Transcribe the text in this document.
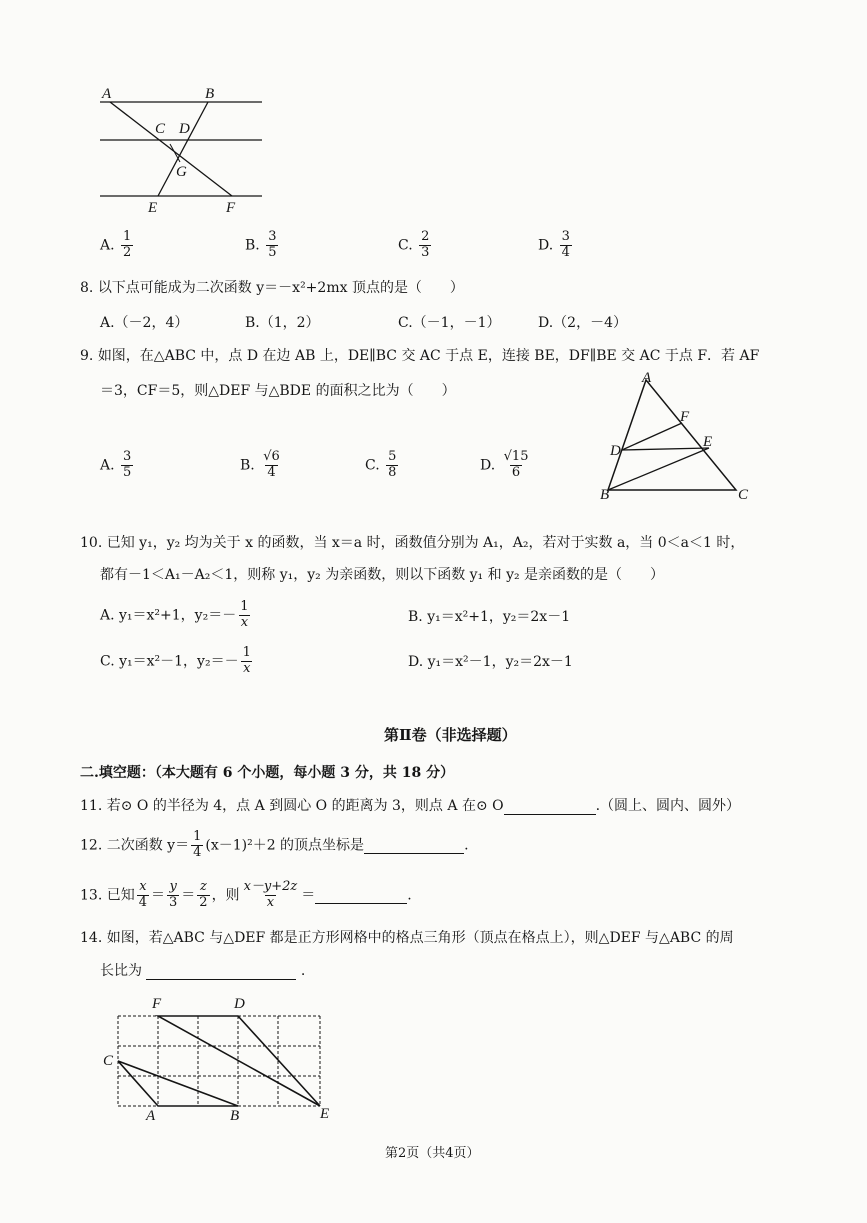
A	B
C D
G
E	F
A. $\frac{1}{2}$	B. $\frac{3}{5}$	C. $\frac{2}{3}$	D. $\frac{3}{4}$
8. 以下点可能成为二次函数 y＝－x²+2mx 顶点的是（　　）
A.（－2，4）	B.（1，2）	C.（－1，－1）	D.（2，－4）
9. 如图，在△ABC 中，点 D 在边 AB 上，DE∥BC 交 AC 于点 E，连接 BE，DF∥BE 交 AC 于点 F．若 AF
＝3，CF＝5，则△DEF 与△BDE 的面积之比为（　　）
A. $\frac{3}{5}$	B. $\frac{√6}{4}$	C. $\frac{5}{8}$	D. $\frac{√15}{6}$
A
F
D
E
B	C
10. 已知 y₁，y₂ 均为关于 x 的函数，当 x＝a 时，函数值分别为 A₁，A₂，若对于实数 a，当 0＜a＜1 时，
都有－1＜A₁－A₂＜1，则称 y₁，y₂ 为亲函数，则以下函数 y₁ 和 y₂ 是亲函数的是（　　）
A. y₁＝x²+1，$y_2=- \frac{1}{x}$	B. y₁＝x²+1，y₂＝2x－1
C. y₁＝x²－1，$y_2=- \frac{1}{x}$	D. y₁＝x²－1，y₂＝2x－1
第Ⅱ卷（非选择题）
二.填空题：（本大题有 6 个小题，每小题 3 分，共 18 分）
11. 若⊙ O 的半径为 4，点 A 到圆心 O 的距离为 3，则点 A 在⊙ O	.（圆上、圆内、圆外）
12. 二次函数 $y= \frac{1}{4} (x-1)^2+2$ 的顶点坐标是	.
13. 已知 $\frac{x}{4} = \frac{y}{3} = \frac{z}{2}$ ，则 $\frac{x-y+2z}{x}$ ＝	.
14. 如图，若△ABC 与△DEF 都是正方形网格中的格点三角形（顶点在格点上），则△DEF 与△ABC 的周
长比为	.
F	D
C
A	B	E
第2页（共4页）
